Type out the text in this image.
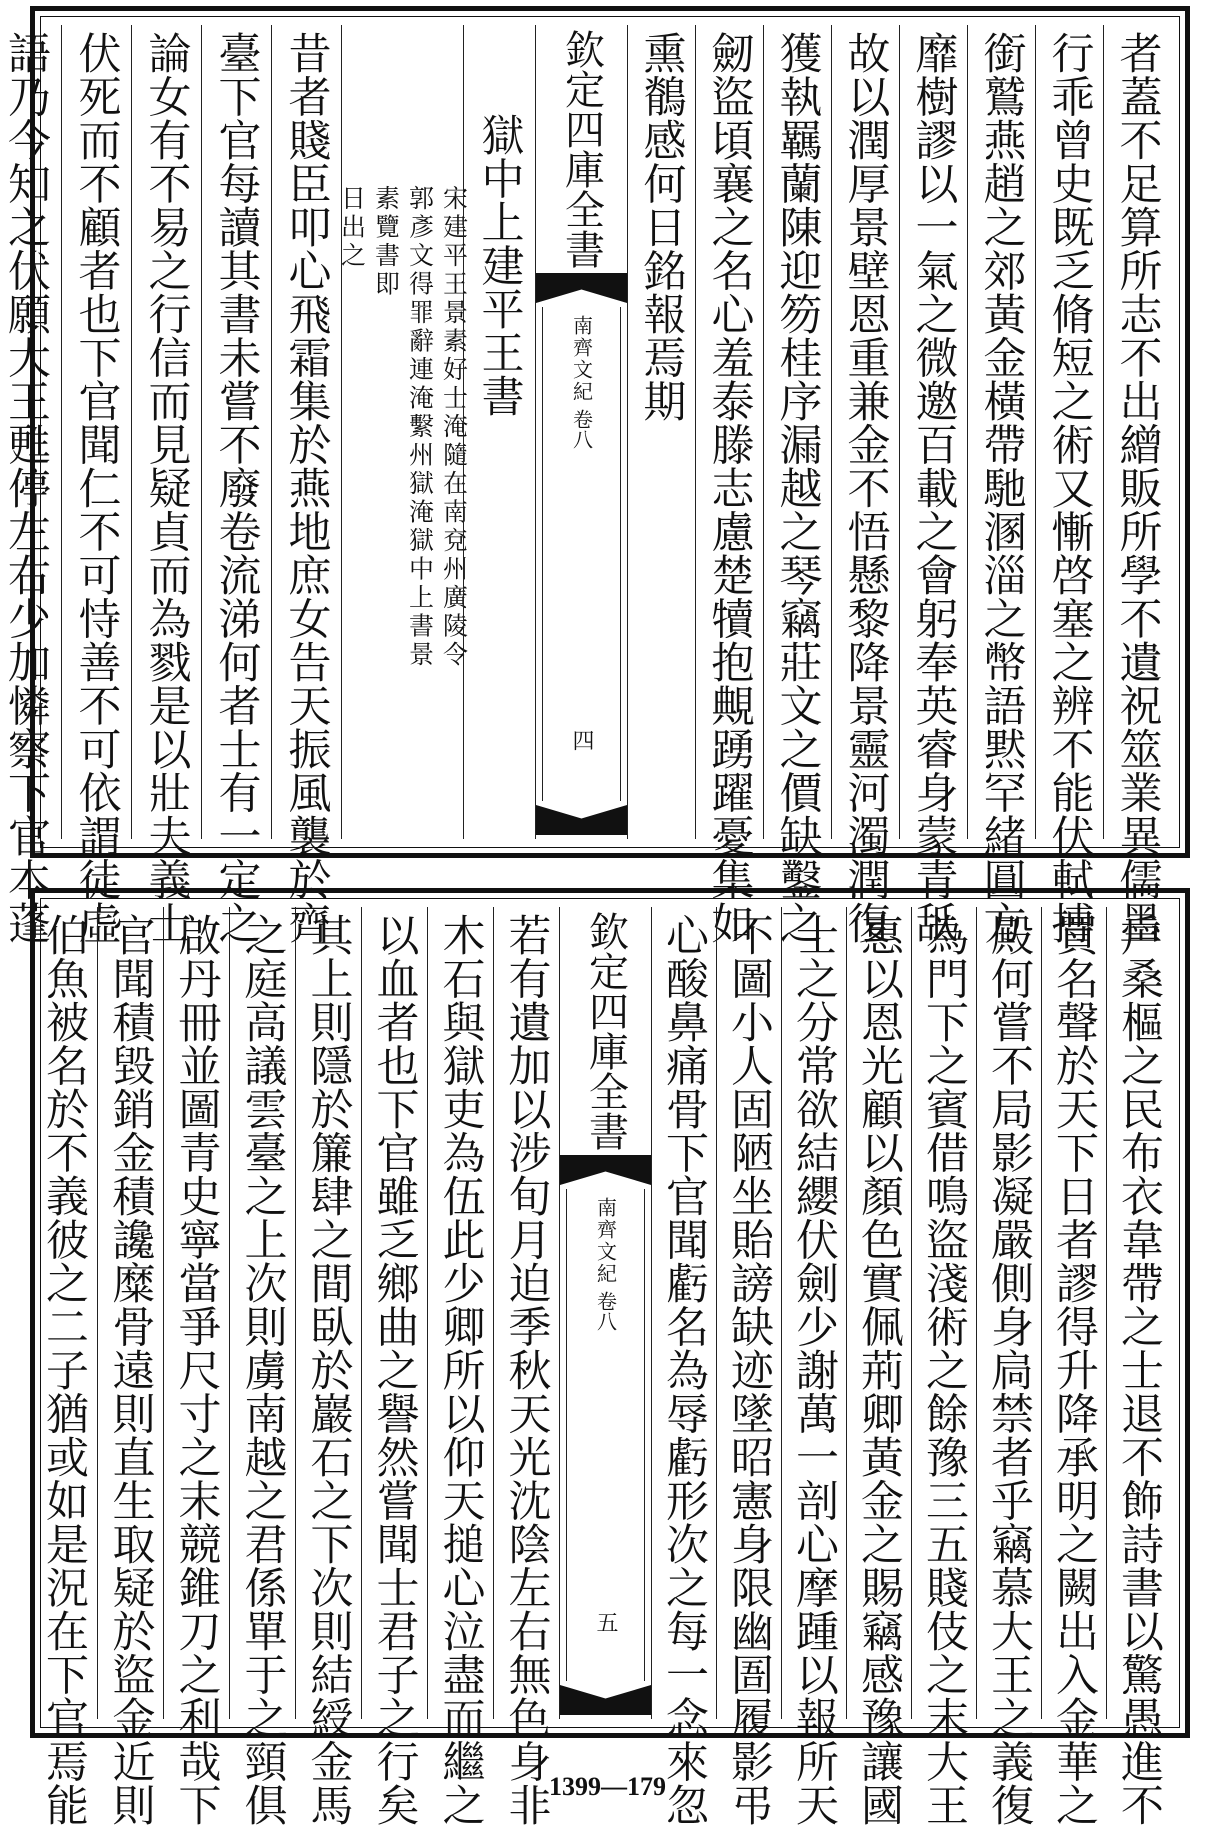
者蓋不足算所志不出繒販所學不遺祝筮業異儒墨
行乖曾史既乏脩短之術又慚啓塞之辨不能伏軾搏
銜鷲燕趙之郊黃金橫帶馳溷淄之幣語黙罕緒圓方
靡樹謬以一氣之微邀百載之會躬奉英睿身蒙青䑛
故以潤厚景壁恩重兼金不悟懸黎降景靈河濁潤復
獲執羈蘭陳迎笏桂序漏越之琴竊莊文之價缺鑿之
劒盜頃襄之名心羞泰滕志慮楚犢抱覥踴躍憂集如
熏鶺感何日銘報焉期
欽定四庫全書
南齊文紀
卷八
四
獄中上建平王書
宋建平王景素好士淹隨在南兗州廣陵令
郭彥文得罪辭連淹繫州獄淹獄中上書景
素覽書即
日出之
昔者賤臣叩心飛霜集於燕地庶女告天振風襲於齊
臺下官每讀其書未嘗不廢卷流涕何者士有一定之
論女有不易之行信而見疑貞而為戮是以壯夫義士
伏死而不顧者也下官聞仁不可恃善不可依謂徒虛
語乃今知之伏願大王甦停左右少加憐察下官本蓬
戶桑樞之民布衣韋帶之士退不飾詩書以驚愚進不
買名聲於天下日者謬得升降承明之闕出入金華之
殿何嘗不局影凝嚴側身扃禁者乎竊慕大王之義復
為門下之賓借鳴盜淺術之餘豫三五賤伎之末大王
惠以恩光顧以顏色實佩荊卿黃金之賜竊感豫讓國
士之分常欲結纓伏劍少謝萬一剖心摩踵以報所天
不圖小人固陋坐貽謗缺迹墜昭憲身限幽圄履影弔
心酸鼻痛骨下官聞虧名為辱虧形次之每一念來忽
欽定四庫全書
南齊文紀
卷八
五
若有遺加以涉旬月迫季秋天光沈陰左右無色身非
木石與獄吏為伍此少卿所以仰天搥心泣盡而繼之
以血者也下官雖乏鄉曲之譽然嘗聞士君子之行矣
其上則隱於簾肆之間臥於巖石之下次則結綬金馬
之庭高議雲臺之上次則虜南越之君係單于之頸俱
啟丹冊並圖青史寧當爭尺寸之末競錐刀之利哉下
官聞積毀銷金積讒糜骨遠則直生取疑於盜金近則
伯魚被名於不義彼之二子猶或如是況在下官焉能	1399—179
